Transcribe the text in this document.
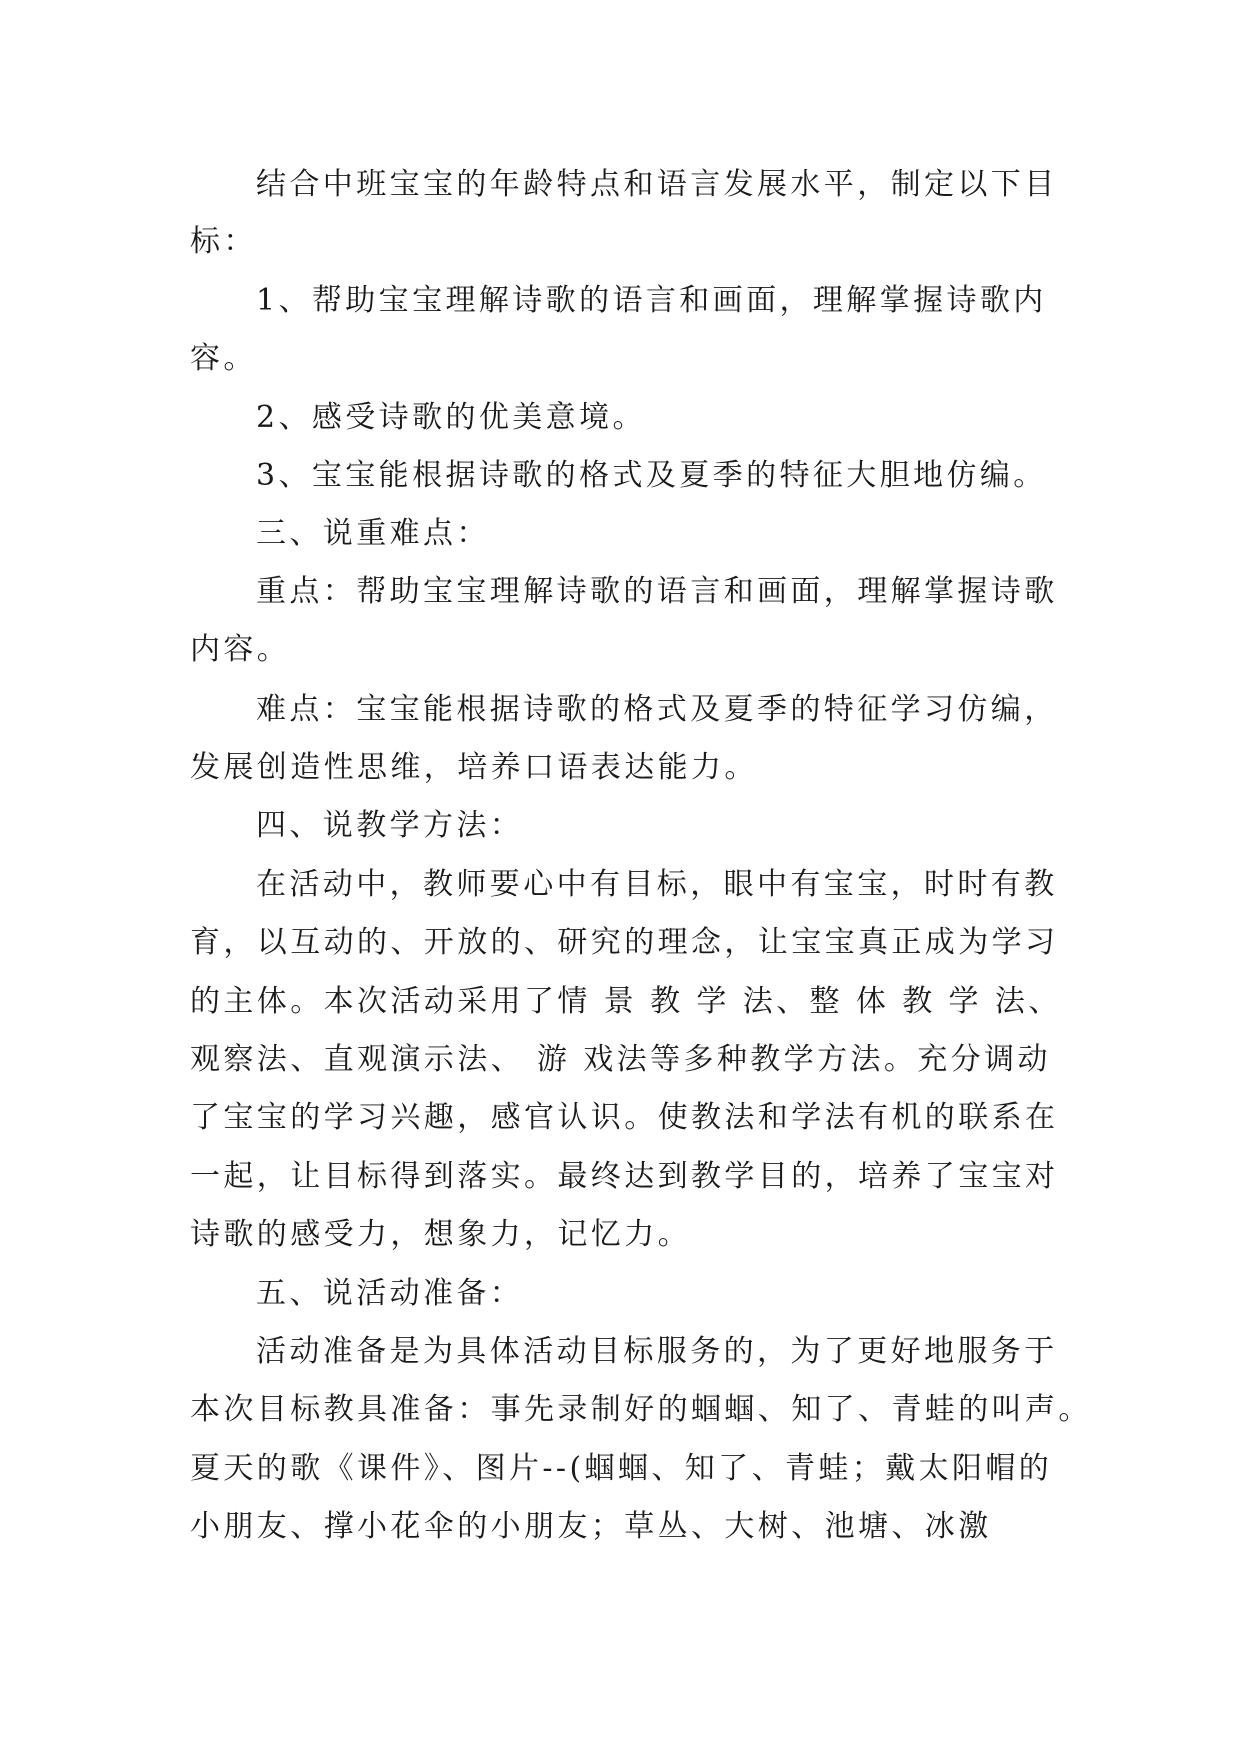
结合中班宝宝的年龄特点和语言发展水平，制定以下目
标：
1、帮助宝宝理解诗歌的语言和画面，理解掌握诗歌内
容。
2、感受诗歌的优美意境。
3、宝宝能根据诗歌的格式及夏季的特征大胆地仿编。
三、说重难点：
重点：帮助宝宝理解诗歌的语言和画面，理解掌握诗歌
内容。
难点：宝宝能根据诗歌的格式及夏季的特征学习仿编，
发展创造性思维，培养口语表达能力。
四、说教学方法：
在活动中，教师要心中有目标，眼中有宝宝，时时有教
育，以互动的、开放的、研究的理念，让宝宝真正成为学习
的主体。本次活动采用了情 景 教 学 法、整 体 教 学 法、
观察法、直观演示法、 游 戏法等多种教学方法。充分调动
了宝宝的学习兴趣，感官认识。使教法和学法有机的联系在
一起，让目标得到落实。最终达到教学目的，培养了宝宝对
诗歌的感受力，想象力，记忆力。
五、说活动准备：
活动准备是为具体活动目标服务的，为了更好地服务于
本次目标教具准备：事先录制好的蝈蝈、知了、青蛙的叫声。
夏天的歌《课件》、图片--(蝈蝈、知了、青蛙；戴太阳帽的
小朋友、撑小花伞的小朋友；草丛、大树、池塘、冰激
